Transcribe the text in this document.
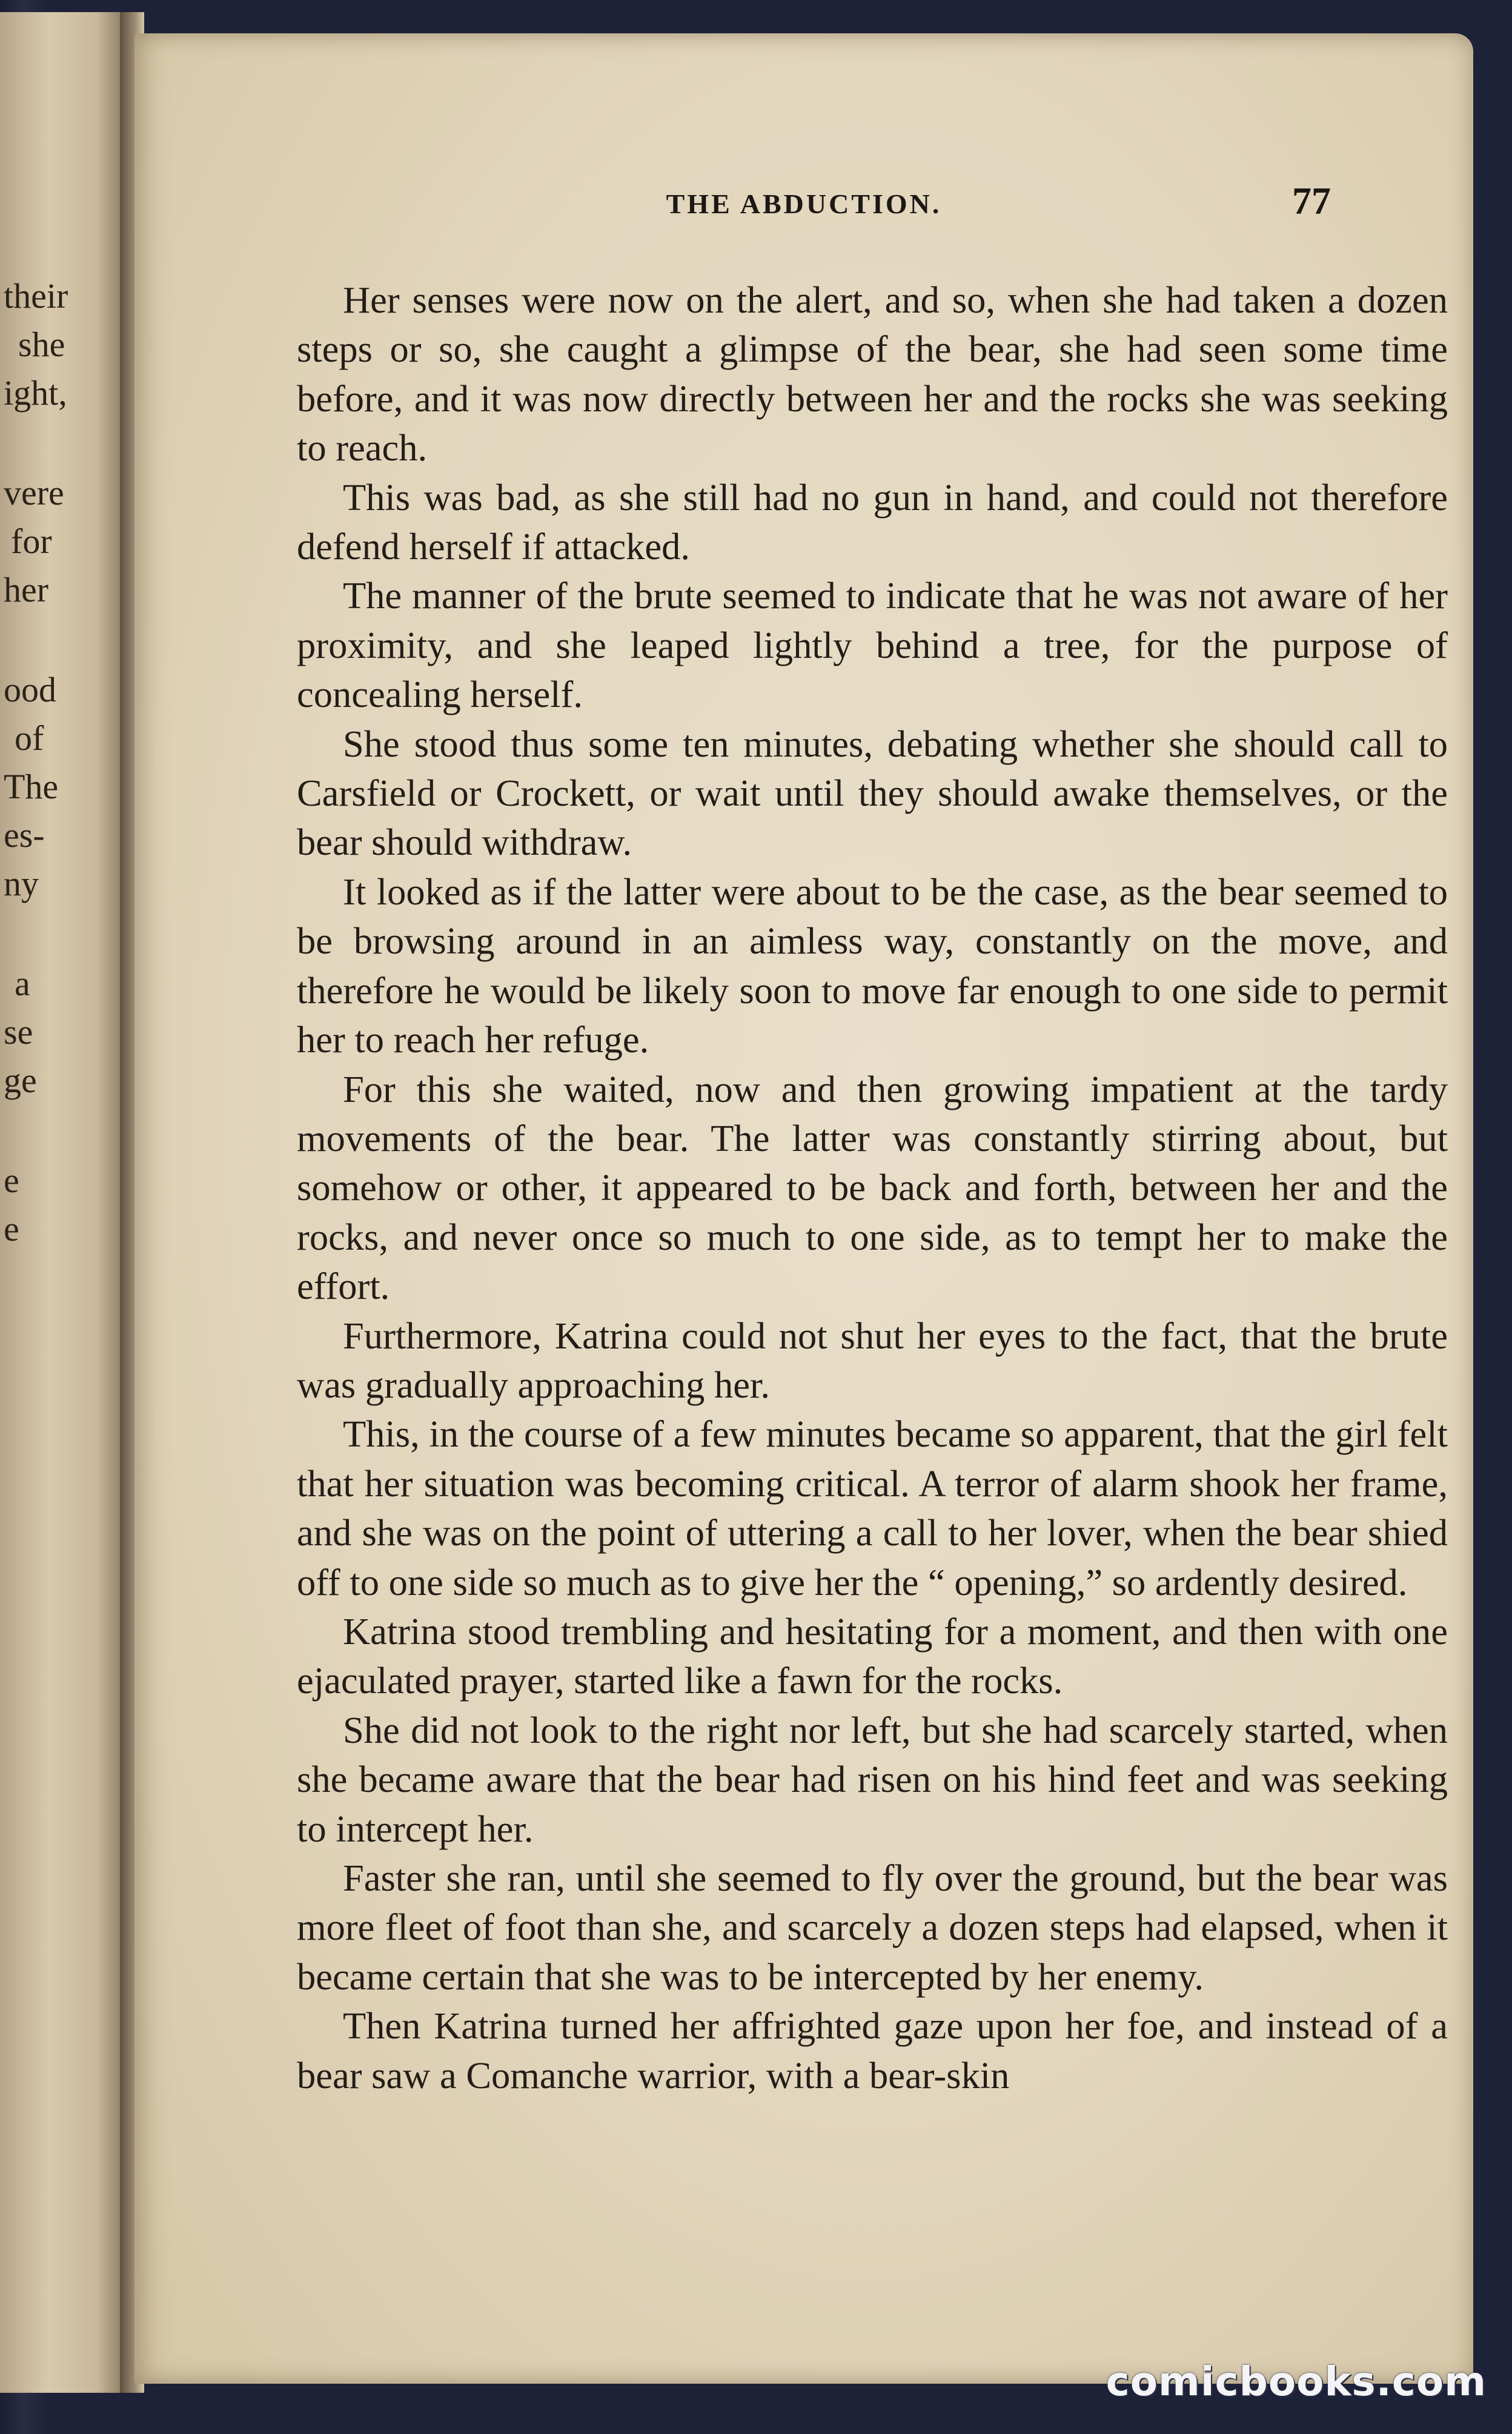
their
she
ight,
vere
for
her
ood
of
The
es-
ny
a
se
ge
e
e
THE ABDUCTION.	77

Her senses were now on the alert, and so, when she had taken a dozen steps or so, she caught a glimpse of the bear, she had seen some time before, and it was now directly between her and the rocks she was seeking to reach.

This was bad, as she still had no gun in hand, and could not therefore defend herself if attacked.

The manner of the brute seemed to indicate that he was not aware of her proximity, and she leaped lightly behind a tree, for the purpose of concealing herself.

She stood thus some ten minutes, debating whether she should call to Carsfield or Crockett, or wait until they should awake themselves, or the bear should withdraw.

It looked as if the latter were about to be the case, as the bear seemed to be browsing around in an aimless way, constantly on the move, and therefore he would be likely soon to move far enough to one side to permit her to reach her refuge.

For this she waited, now and then growing impatient at the tardy movements of the bear. The latter was constantly stirring about, but somehow or other, it appeared to be back and forth, between her and the rocks, and never once so much to one side, as to tempt her to make the effort.

Furthermore, Katrina could not shut her eyes to the fact, that the brute was gradually approaching her.

This, in the course of a few minutes became so apparent, that the girl felt that her situation was becoming critical. A terror of alarm shook her frame, and she was on the point of uttering a call to her lover, when the bear shied off to one side so much as to give her the “ opening,” so ardently desired.

Katrina stood trembling and hesitating for a moment, and then with one ejaculated prayer, started like a fawn for the rocks.

She did not look to the right nor left, but she had scarcely started, when she became aware that the bear had risen on his hind feet and was seeking to intercept her.

Faster she ran, until she seemed to fly over the ground, but the bear was more fleet of foot than she, and scarcely a dozen steps had elapsed, when it became certain that she was to be intercepted by her enemy.

Then Katrina turned her affrighted gaze upon her foe, and instead of a bear saw a Comanche warrior, with a bear-skin

comicbooks.com
